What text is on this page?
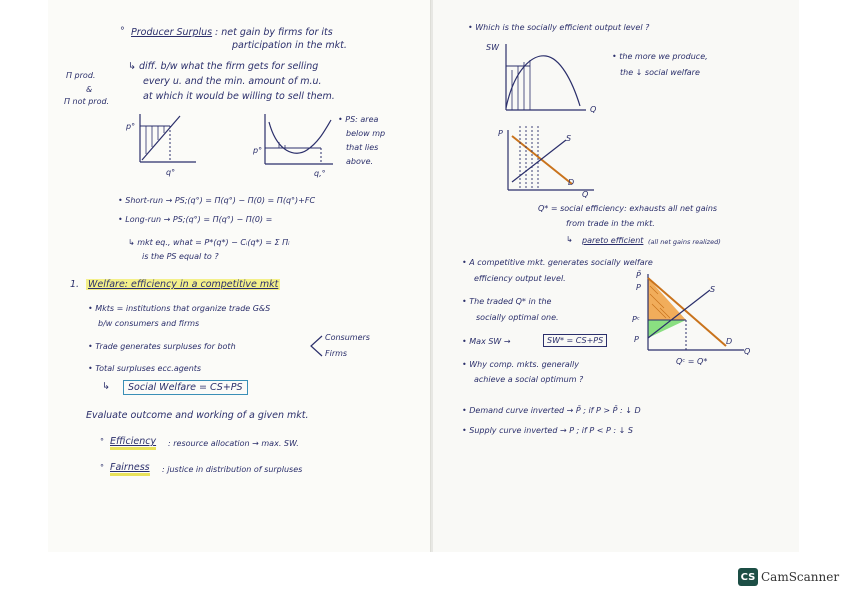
° Producer Surplus : net gain by firms for its
participation in the mkt.
Π prod.
&
Π not prod.
↳ diff. b/w what the firm gets for selling
every u. and the min. amount of m.u.
at which it would be willing to sell them.
p°
q°
p°
q,°
• PS: area
below mp
that lies
above.
• Short-run → PS;(q°) = Π(q°) − Π(0) = Π(q°)+FC
• Long-run → PS;(q°) = Π(q°) − Π(0) =
↳ mkt eq., what = P*(q*) − Cᵢ(q*) = Σ Πᵢ
is the PS equal to ?
1. Welfare: efficiency in a competitive mkt
• Mkts = institutions that organize trade G&S
b/w consumers and firms
• Trade generates surpluses for both
Consumers
Firms
• Total surpluses ecc.agents
↳	Social Welfare = CS+PS
Evaluate outcome and working of a given mkt.
° Efficiency : resource allocation → max. SW.
° Fairness : justice in distribution of surpluses
• Which is the socially efficient output level ?
SW
Q
• the more we produce,
the ↓ social welfare
P
S
D
Q
Q* = social efficiency: exhausts all net gains
from trade in the mkt.
↳ pareto efficient (all net gains realized)
• A competitive mkt. generates socially welfare
efficiency output level.
• The traded Q* in the
socially optimal one.
• Max SW →	SW* = CS+PS
• Why comp. mkts. generally
achieve a social optimum ?
P̄
P
Pᶜ
P
S
D
Q
Qᶜ = Q*
• Demand curve inverted → P̄ ; if P > P̄ : ↓ D
• Supply curve inverted → P ; if P < P : ↓ S
CS CamScanner
